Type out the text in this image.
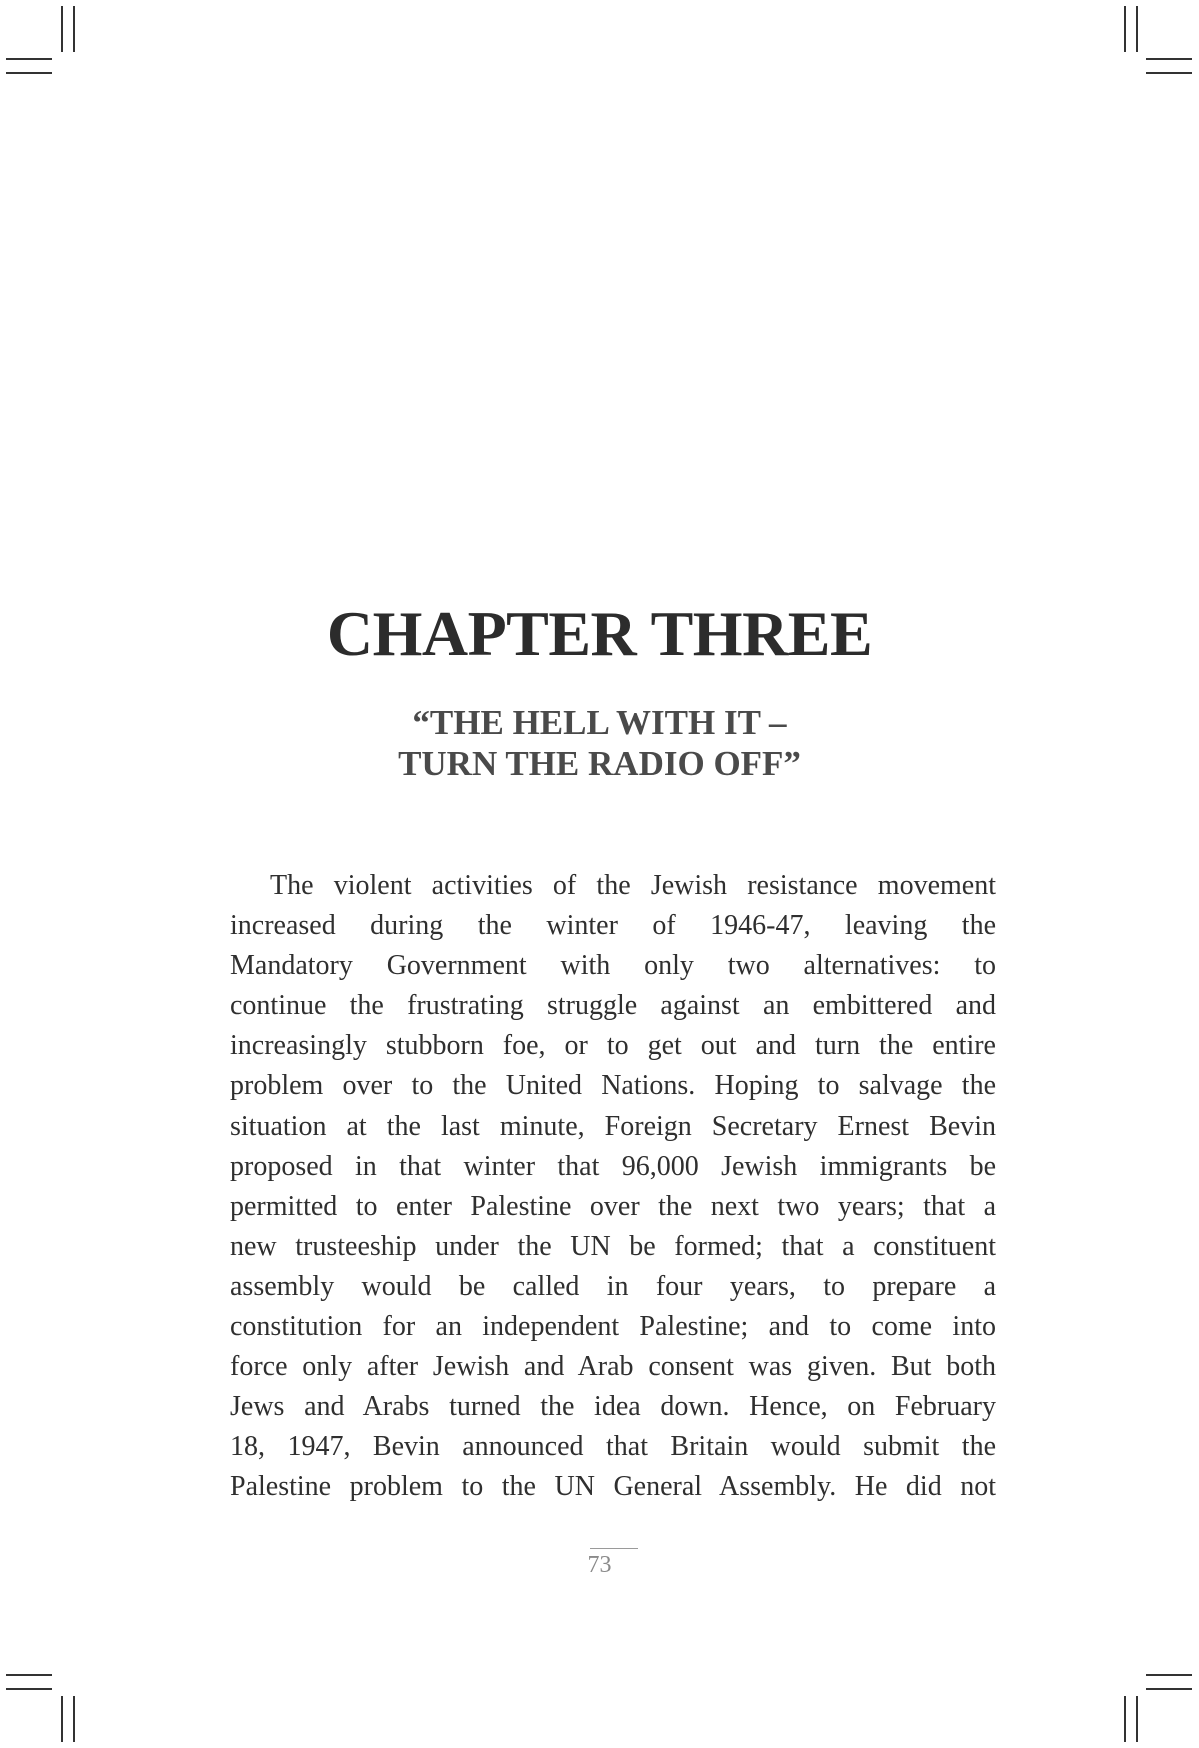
CHAPTER THREE
“THE HELL WITH IT –
TURN THE RADIO OFF”

The violent activities of the Jewish resistance movement
increased during the winter of 1946-47, leaving the
Mandatory Government with only two alternatives: to
continue the frustrating struggle against an embittered and
increasingly stubborn foe, or to get out and turn the entire
problem over to the United Nations. Hoping to salvage the
situation at the last minute, Foreign Secretary Ernest Bevin
proposed in that winter that 96,000 Jewish immigrants be
permitted to enter Palestine over the next two years; that a
new trusteeship under the UN be formed; that a constituent
assembly would be called in four years, to prepare a
constitution for an independent Palestine; and to come into
force only after Jewish and Arab consent was given. But both
Jews and Arabs turned the idea down. Hence, on February
18, 1947, Bevin announced that Britain would submit the
Palestine problem to the UN General Assembly. He did not

73
